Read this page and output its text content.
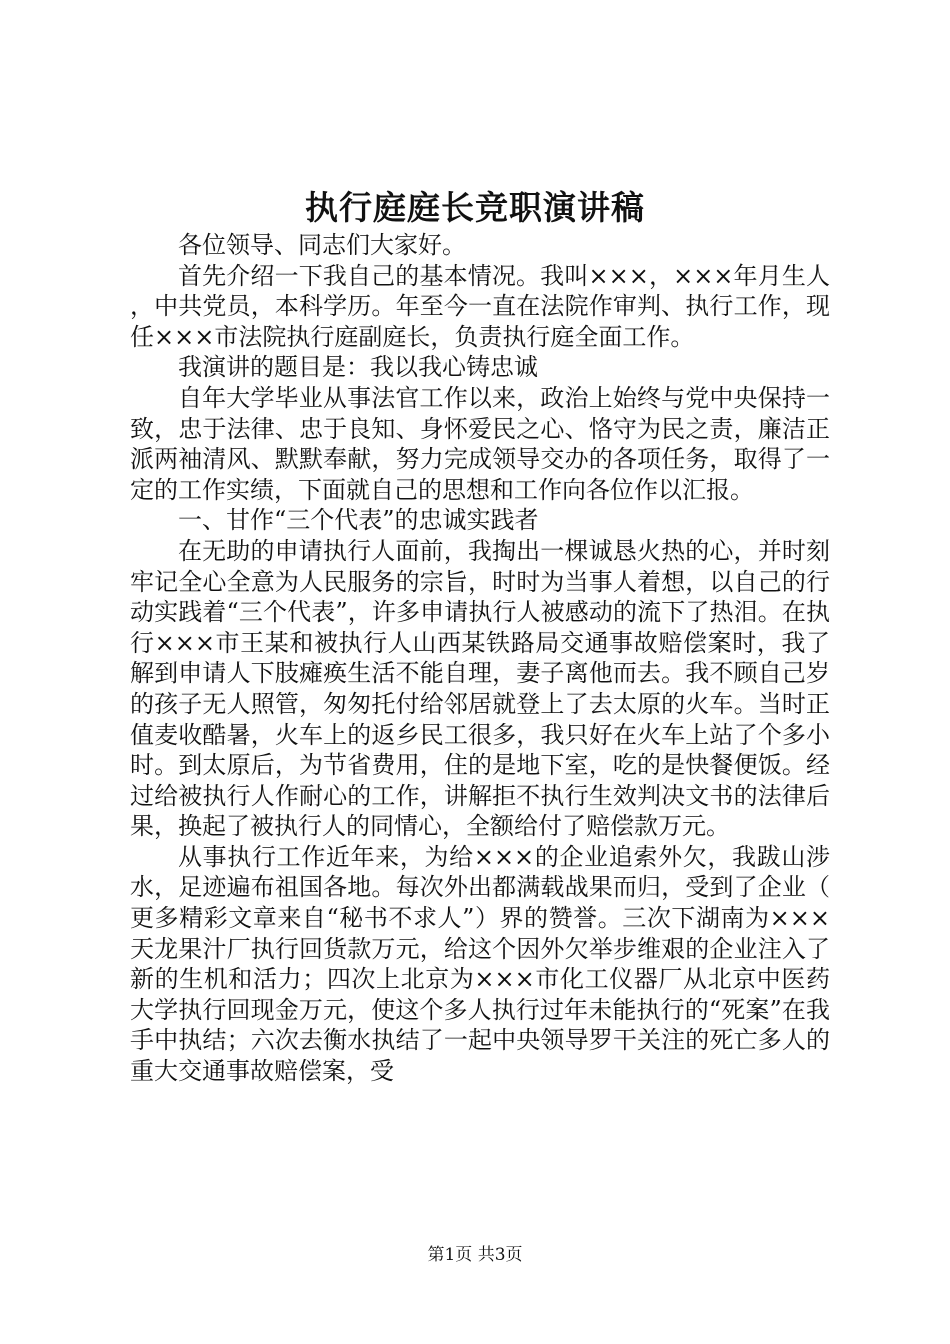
执行庭庭长竞职演讲稿

各位领导、同志们大家好。

首先介绍一下我自己的基本情况。我叫×××，×××年月生人，中共党员，本科学历。年至今一直在法院作审判、执行工作，现任×××市法院执行庭副庭长，负责执行庭全面工作。

我演讲的题目是：我以我心铸忠诚

自年大学毕业从事法官工作以来，政治上始终与党中央保持一致，忠于法律、忠于良知、身怀爱民之心、恪守为民之责，廉洁正派两袖清风、默默奉献，努力完成领导交办的各项任务，取得了一定的工作实绩，下面就自己的思想和工作向各位作以汇报。

一、甘作“三个代表”的忠诚实践者

在无助的申请执行人面前，我掏出一棵诚恳火热的心，并时刻牢记全心全意为人民服务的宗旨，时时为当事人着想，以自己的行动实践着“三个代表”，许多申请执行人被感动的流下了热泪。在执行×××市王某和被执行人山西某铁路局交通事故赔偿案时，我了解到申请人下肢瘫痪生活不能自理，妻子离他而去。我不顾自己岁的孩子无人照管，匆匆托付给邻居就登上了去太原的火车。当时正值麦收酷暑，火车上的返乡民工很多，我只好在火车上站了个多小时。到太原后，为节省费用，住的是地下室，吃的是快餐便饭。经过给被执行人作耐心的工作，讲解拒不执行生效判决文书的法律后果，换起了被执行人的同情心，全额给付了赔偿款万元。

从事执行工作近年来，为给×××的企业追索外欠，我跋山涉水，足迹遍布祖国各地。每次外出都满载战果而归，受到了企业（更多精彩文章来自“秘书不求人”）界的赞誉。三次下湖南为×××天龙果汁厂执行回货款万元，给这个因外欠举步维艰的企业注入了新的生机和活力；四次上北京为×××市化工仪器厂从北京中医药大学执行回现金万元，使这个多人执行过年未能执行的“死案”在我手中执结；六次去衡水执结了一起中央领导罗干关注的死亡多人的重大交通事故赔偿案，受

第1页 共3页
